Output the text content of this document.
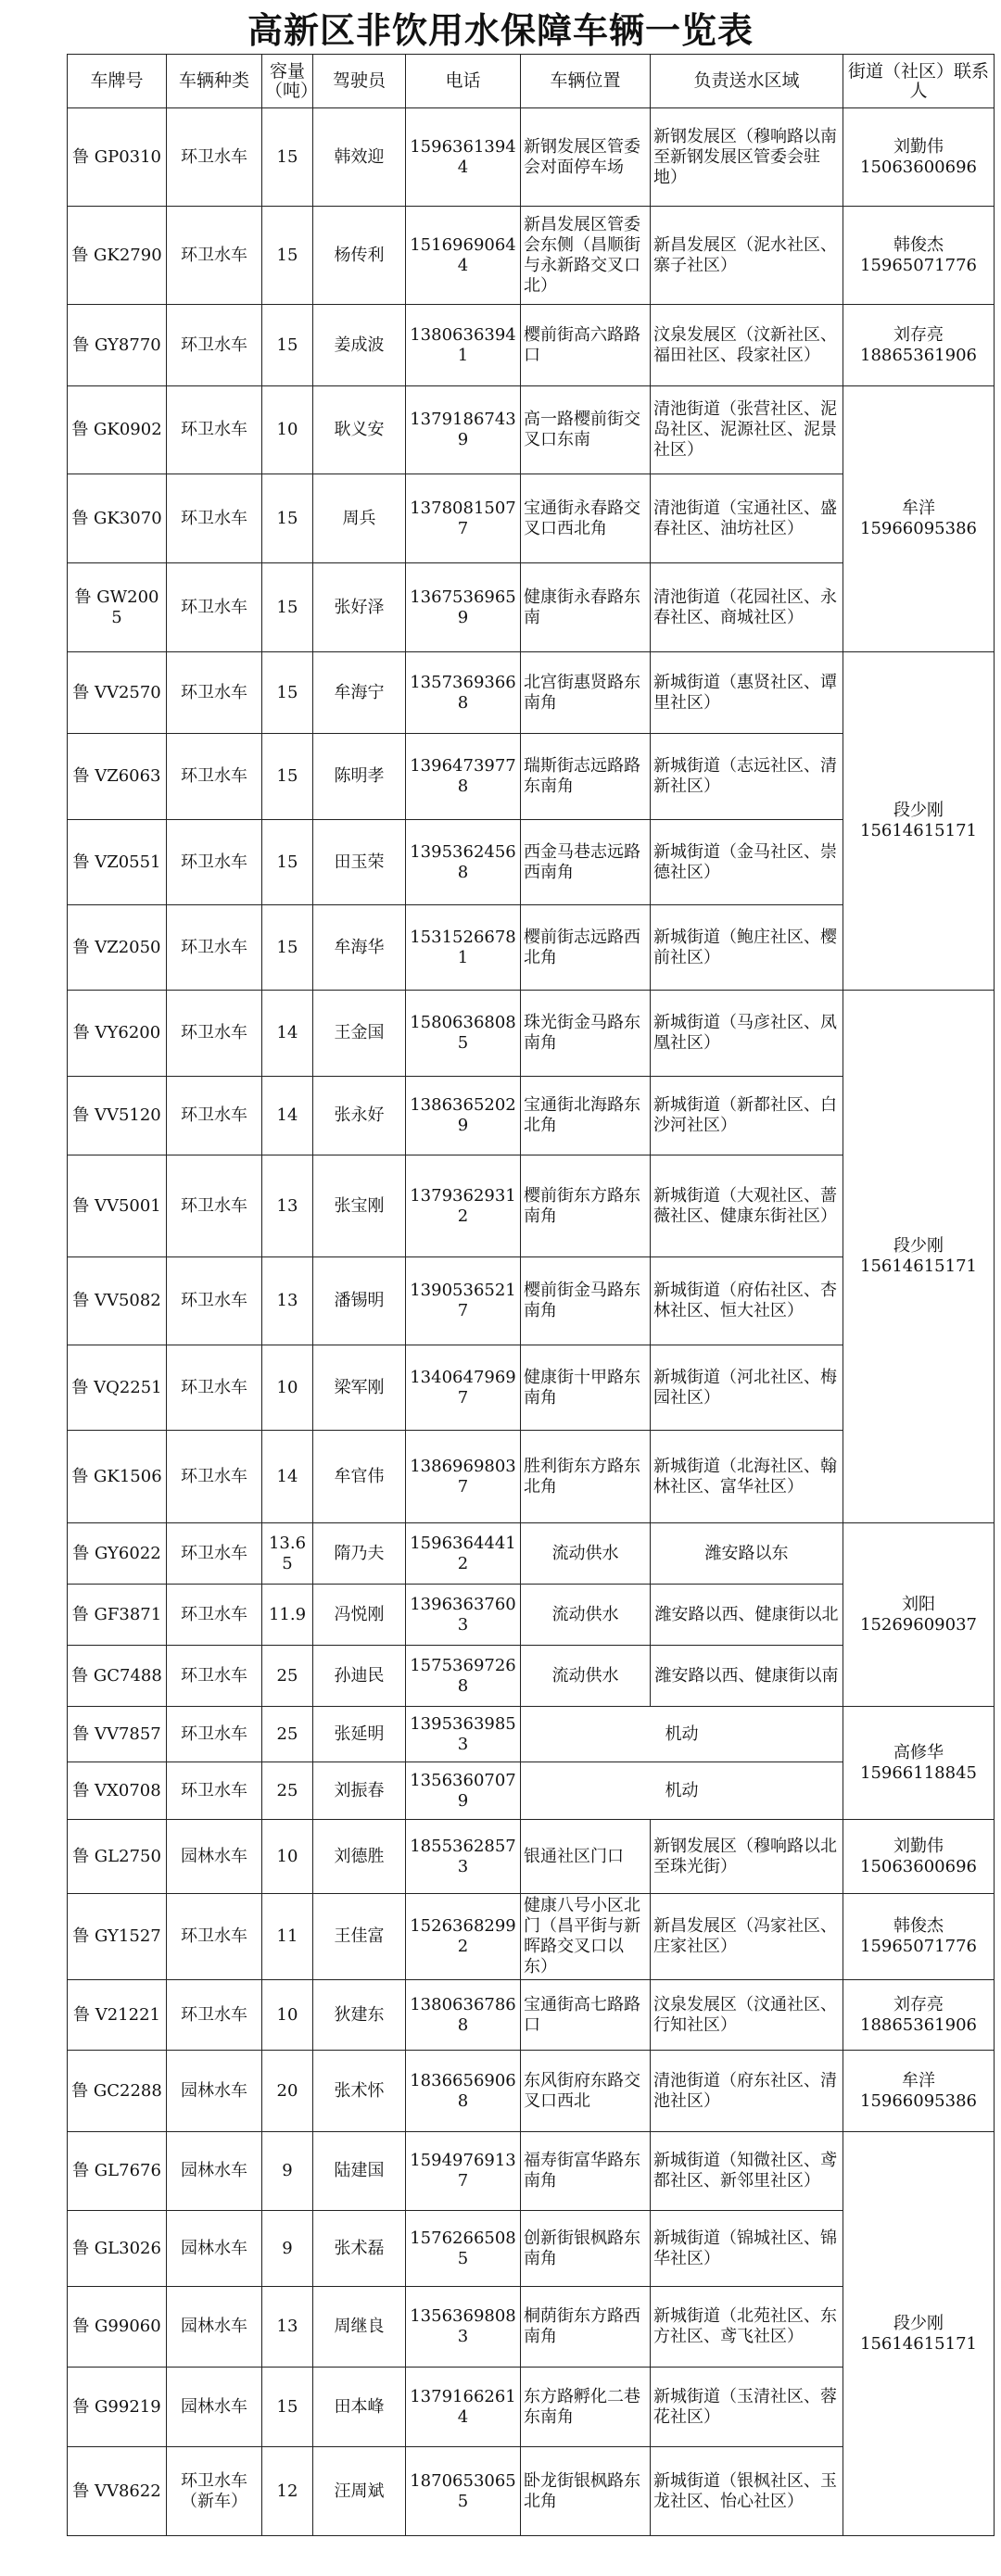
高新区非饮用水保障车辆一览表
车牌号	车辆种类	容量（吨）	驾驶员	电话	车辆位置	负责送水区域	街道（社区）联系人
鲁 GP0310	环卫水车	15	韩效迎	15963613944	新钢发展区管委会对面停车场	新钢发展区（穆响路以南至新钢发展区管委会驻地）	刘勤伟
15063600696

鲁 GK2790	环卫水车	15	杨传利	15169690644	新昌发展区管委会东侧（昌顺街与永新路交叉口北）	新昌发展区（泥水社区、寨子社区）	韩俊杰
15965071776

鲁 GY8770	环卫水车	15	姜成波	13806363941	樱前街高六路路口	汶泉发展区（汶新社区、福田社区、段家社区）	刘存亮
18865361906

鲁 GK0902	环卫水车	10	耿义安	13791867439	高一路樱前街交叉口东南	清池街道（张营社区、泥岛社区、泥源社区、泥景社区）	牟洋
15966095386

鲁 GK3070	环卫水车	15	周兵	13780815077	宝通街永春路交叉口西北角	清池街道（宝通社区、盛春社区、油坊社区）	
鲁 GW2005	环卫水车	15	张好泽	13675369659	健康街永春路东南	清池街道（花园社区、永春社区、商城社区）	
鲁 VV2570	环卫水车	15	牟海宁	13573693668	北宫街惠贤路东南角	新城街道（惠贤社区、谭里社区）	段少刚
15614615171

鲁 VZ6063	环卫水车	15	陈明孝	13964739778	瑞斯街志远路路东南角	新城街道（志远社区、清新社区）	
鲁 VZ0551	环卫水车	15	田玉荣	13953624568	西金马巷志远路西南角	新城街道（金马社区、崇德社区）	
鲁 VZ2050	环卫水车	15	牟海华	15315266781	樱前街志远路西北角	新城街道（鲍庄社区、樱前社区）	
鲁 VY6200	环卫水车	14	王金国	15806368085	珠光街金马路东南角	新城街道（马彦社区、凤凰社区）	段少刚
15614615171

鲁 VV5120	环卫水车	14	张永好	13863652029	宝通街北海路东北角	新城街道（新都社区、白沙河社区）	
鲁 VV5001	环卫水车	13	张宝刚	13793629312	樱前街东方路东南角	新城街道（大观社区、蔷薇社区、健康东街社区）	
鲁 VV5082	环卫水车	13	潘锡明	13905365217	樱前街金马路东南角	新城街道（府佑社区、杏林社区、恒大社区）	
鲁 VQ2251	环卫水车	10	梁军刚	13406479697	健康街十甲路东南角	新城街道（河北社区、梅园社区）	
鲁 GK1506	环卫水车	14	牟官伟	13869698037	胜利街东方路东北角	新城街道（北海社区、翰林社区、富华社区）	
鲁 GY6022	环卫水车	13.65	隋乃夫	15963644412	流动供水	潍安路以东	刘阳
15269609037

鲁 GF3871	环卫水车	11.9	冯悦刚	13963637603	流动供水	潍安路以西、健康街以北	
鲁 GC7488	环卫水车	25	孙迪民	15753697268	流动供水	潍安路以西、健康街以南	
鲁 VV7857	环卫水车	25	张延明	13953639853	机动		高修华
15966118845

鲁 VX0708	环卫水车	25	刘振春	13563607079	机动		
鲁 GL2750	园林水车	10	刘德胜	18553628573	银通社区门口	新钢发展区（穆响路以北至珠光街）	刘勤伟
15063600696

鲁 GY1527	环卫水车	11	王佳富	15263682992	健康八号小区北门（昌平街与新晖路交叉口以东）	新昌发展区（冯家社区、庄家社区）	韩俊杰
15965071776

鲁 V21221	环卫水车	10	狄建东	13806367868	宝通街高七路路口	汶泉发展区（汶通社区、行知社区）	刘存亮
18865361906

鲁 GC2288	园林水车	20	张术怀	18366569068	东风街府东路交叉口西北	清池街道（府东社区、清池社区）	牟洋
15966095386

鲁 GL7676	园林水车	9	陆建国	15949769137	福寿街富华路东南角	新城街道（知微社区、鸢都社区、新邻里社区）	段少刚
15614615171

鲁 GL3026	园林水车	9	张术磊	15762665085	创新街银枫路东南角	新城街道（锦城社区、锦华社区）	
鲁 G99060	园林水车	13	周继良	13563698083	桐荫街东方路西南角	新城街道（北苑社区、东方社区、鸢飞社区）	
鲁 G99219	园林水车	15	田本峰	13791662614	东方路孵化二巷东南角	新城街道（玉清社区、蓉花社区）	
鲁 VV8622	环卫水车（新车）	12	汪周斌	18706530655	卧龙街银枫路东北角	新城街道（银枫社区、玉龙社区、怡心社区）	
